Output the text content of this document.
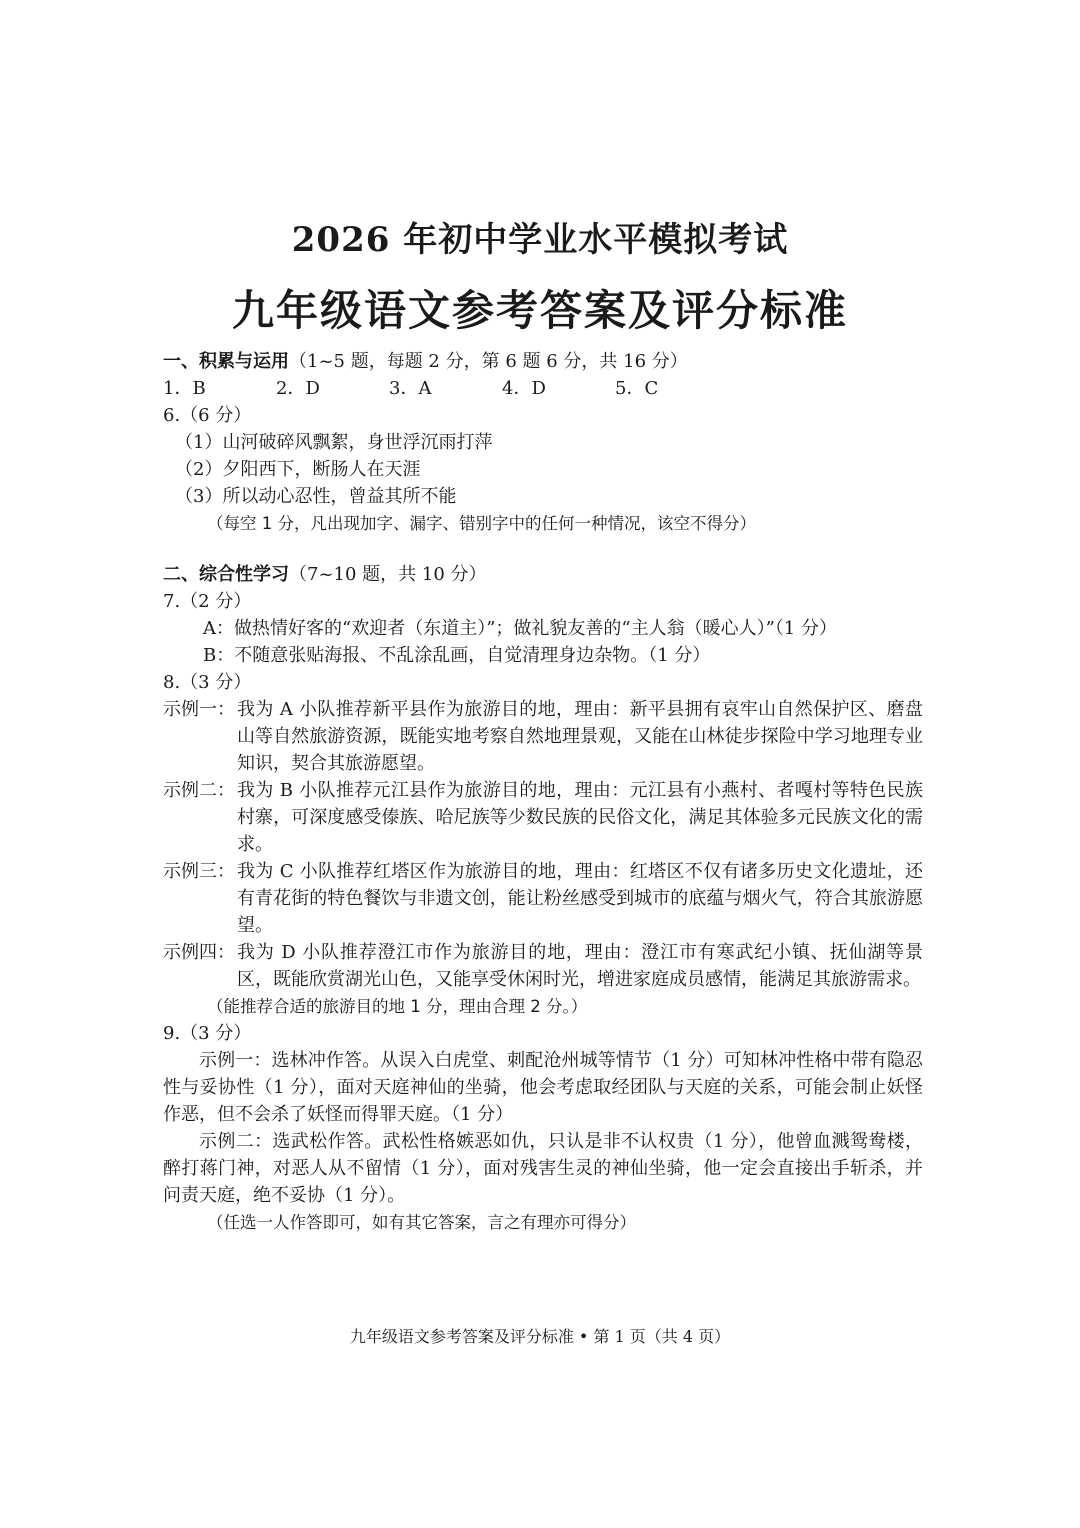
2026 年初中学业水平模拟考试
九年级语文参考答案及评分标准

一、积累与运用（1~5 题，每题 2 分，第 6 题 6 分，共 16 分）

1．B	2．D	3．A	4．D	5．C

6.（6 分）

（1）山河破碎风飘絮，身世浮沉雨打萍

（2）夕阳西下，断肠人在天涯

（3）所以动心忍性，曾益其所不能

（每空 1 分，凡出现加字、漏字、错别字中的任何一种情况，该空不得分）

二、综合性学习（7~10 题，共 10 分）

7.（2 分）

A：做热情好客的“欢迎者（东道主）”；做礼貌友善的“主人翁（暖心人）”（1 分）

B：不随意张贴海报、不乱涂乱画，自觉清理身边杂物。（1 分）

8.（3 分）

示例一： 我为 A 小队推荐新平县作为旅游目的地，理由：新平县拥有哀牢山自然保护区、磨盘山等自然旅游资源，既能实地考察自然地理景观，又能在山林徒步探险中学习地理专业知识，契合其旅游愿望。
示例二： 我为 B 小队推荐元江县作为旅游目的地，理由：元江县有小燕村、者嘎村等特色民族村寨，可深度感受傣族、哈尼族等少数民族的民俗文化，满足其体验多元民族文化的需求。
示例三： 我为 C 小队推荐红塔区作为旅游目的地，理由：红塔区不仅有诸多历史文化遗址，还有青花街的特色餐饮与非遗文创，能让粉丝感受到城市的底蕴与烟火气，符合其旅游愿望。
示例四： 我为 D 小队推荐澄江市作为旅游目的地，理由：澄江市有寒武纪小镇、抚仙湖等景区，既能欣赏湖光山色，又能享受休闲时光，增进家庭成员感情，能满足其旅游需求。

（能推荐合适的旅游目的地 1 分，理由合理 2 分。）

9.（3 分）

示例一：选林冲作答。从误入白虎堂、刺配沧州城等情节（1 分）可知林冲性格中带有隐忍性与妥协性（1 分），面对天庭神仙的坐骑，他会考虑取经团队与天庭的关系，可能会制止妖怪作恶，但不会杀了妖怪而得罪天庭。（1 分）

示例二：选武松作答。武松性格嫉恶如仇，只认是非不认权贵（1 分），他曾血溅鸳鸯楼，醉打蒋门神，对恶人从不留情（1 分），面对残害生灵的神仙坐骑，他一定会直接出手斩杀，并问责天庭，绝不妥协（1 分）。

（任选一人作答即可，如有其它答案，言之有理亦可得分）

九年级语文参考答案及评分标准 • 第 1 页（共 4 页）
